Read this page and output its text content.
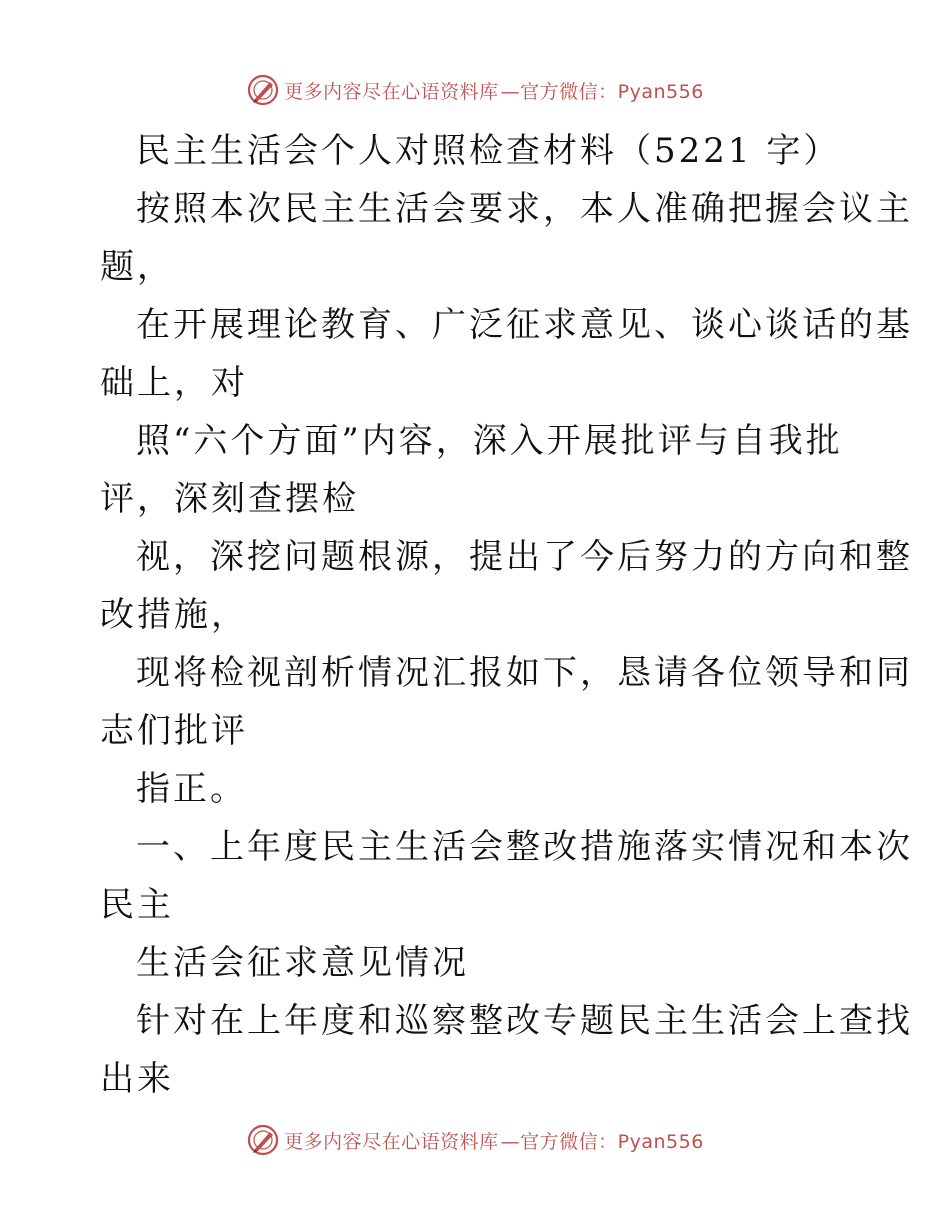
更多内容尽在心语资料库 —官方微信：Pyan556
民主生活会个人对照检查材料（5221 字）
按照本次民主生活会要求，本人准确把握会议主
题，
在开展理论教育、广泛征求意见、谈心谈话的基
础上，对
照“六个方面”内容，深入开展批评与自我批
评，深刻查摆检
视，深挖问题根源，提出了今后努力的方向和整
改措施，
现将检视剖析情况汇报如下，恳请各位领导和同
志们批评
指正。
一、上年度民主生活会整改措施落实情况和本次
民主
生活会征求意见情况
针对在上年度和巡察整改专题民主生活会上查找
出来
更多内容尽在心语资料库 —官方微信：Pyan556
